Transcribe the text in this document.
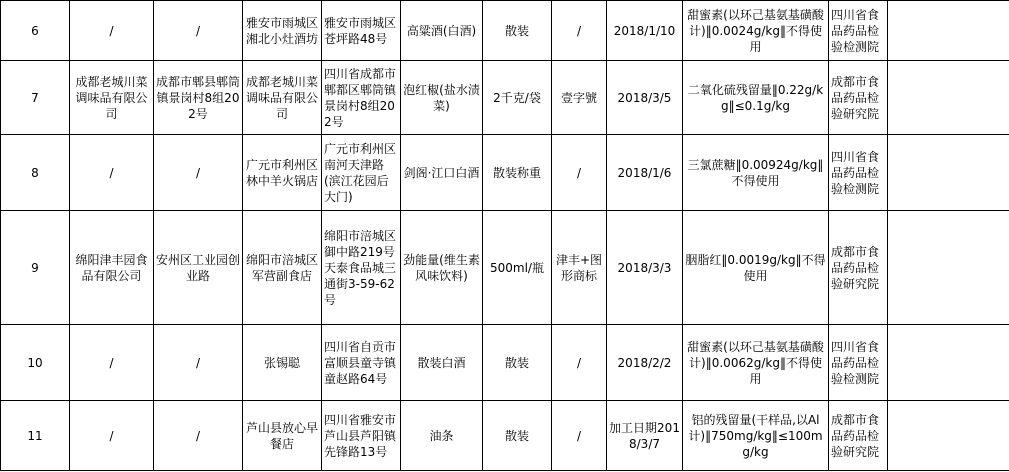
6	/	/	雅安市雨城区湘北小灶酒坊	雅安市雨城区苍坪路48号	高粱酒(白酒)	散装	/	2018/1/10	甜蜜素(以环己基氨基磺酸计)‖0.0024g/kg‖不得使用	四川省食品药品检验检测院	
7	成都老城川菜调味品有限公司	成都市郫县郫筒镇景岗村8组202号	成都老城川菜调味品有限公司	四川省成都市郫都区郫筒镇景岗村8组202号	泡红椒(盐水渍菜)	2千克/袋	壹字號	2018/3/5	二氧化硫残留量‖0.22g/kg‖≤0.1g/kg	成都市食品药品检验研究院	
8	/	/	广元市利州区林中羊火锅店	广元市利州区南河天津路(滨江花园后大门)	剑阁·江口白酒	散装称重	/	2018/1/6	三氯蔗糖‖0.00924g/kg‖不得使用	四川省食品药品检验检测院	
9	绵阳津丰园食品有限公司	安州区工业园创业路	绵阳市涪城区军营副食店	绵阳市涪城区御中路219号天泰食品城三通街3-59-62号	劲能量(维生素风味饮料)	500ml/瓶	津丰+图形商标	2018/3/3	胭脂红‖0.0019g/kg‖不得使用	成都市食品药品检验研究院	
10	/	/	张锡聪	四川省自贡市富顺县童寺镇童赵路64号	散装白酒	散装	/	2018/2/2	甜蜜素(以环己基氨基磺酸计)‖0.0062g/kg‖不得使用	四川省食品药品检验检测院	
11	/	/	芦山县放心早餐店	四川省雅安市芦山县芦阳镇先锋路13号	油条	散装	/	加工日期2018/3/7	铝的残留量(干样品,以Al计)‖750mg/kg‖≤100mg/kg	成都市食品药品检验研究院	
